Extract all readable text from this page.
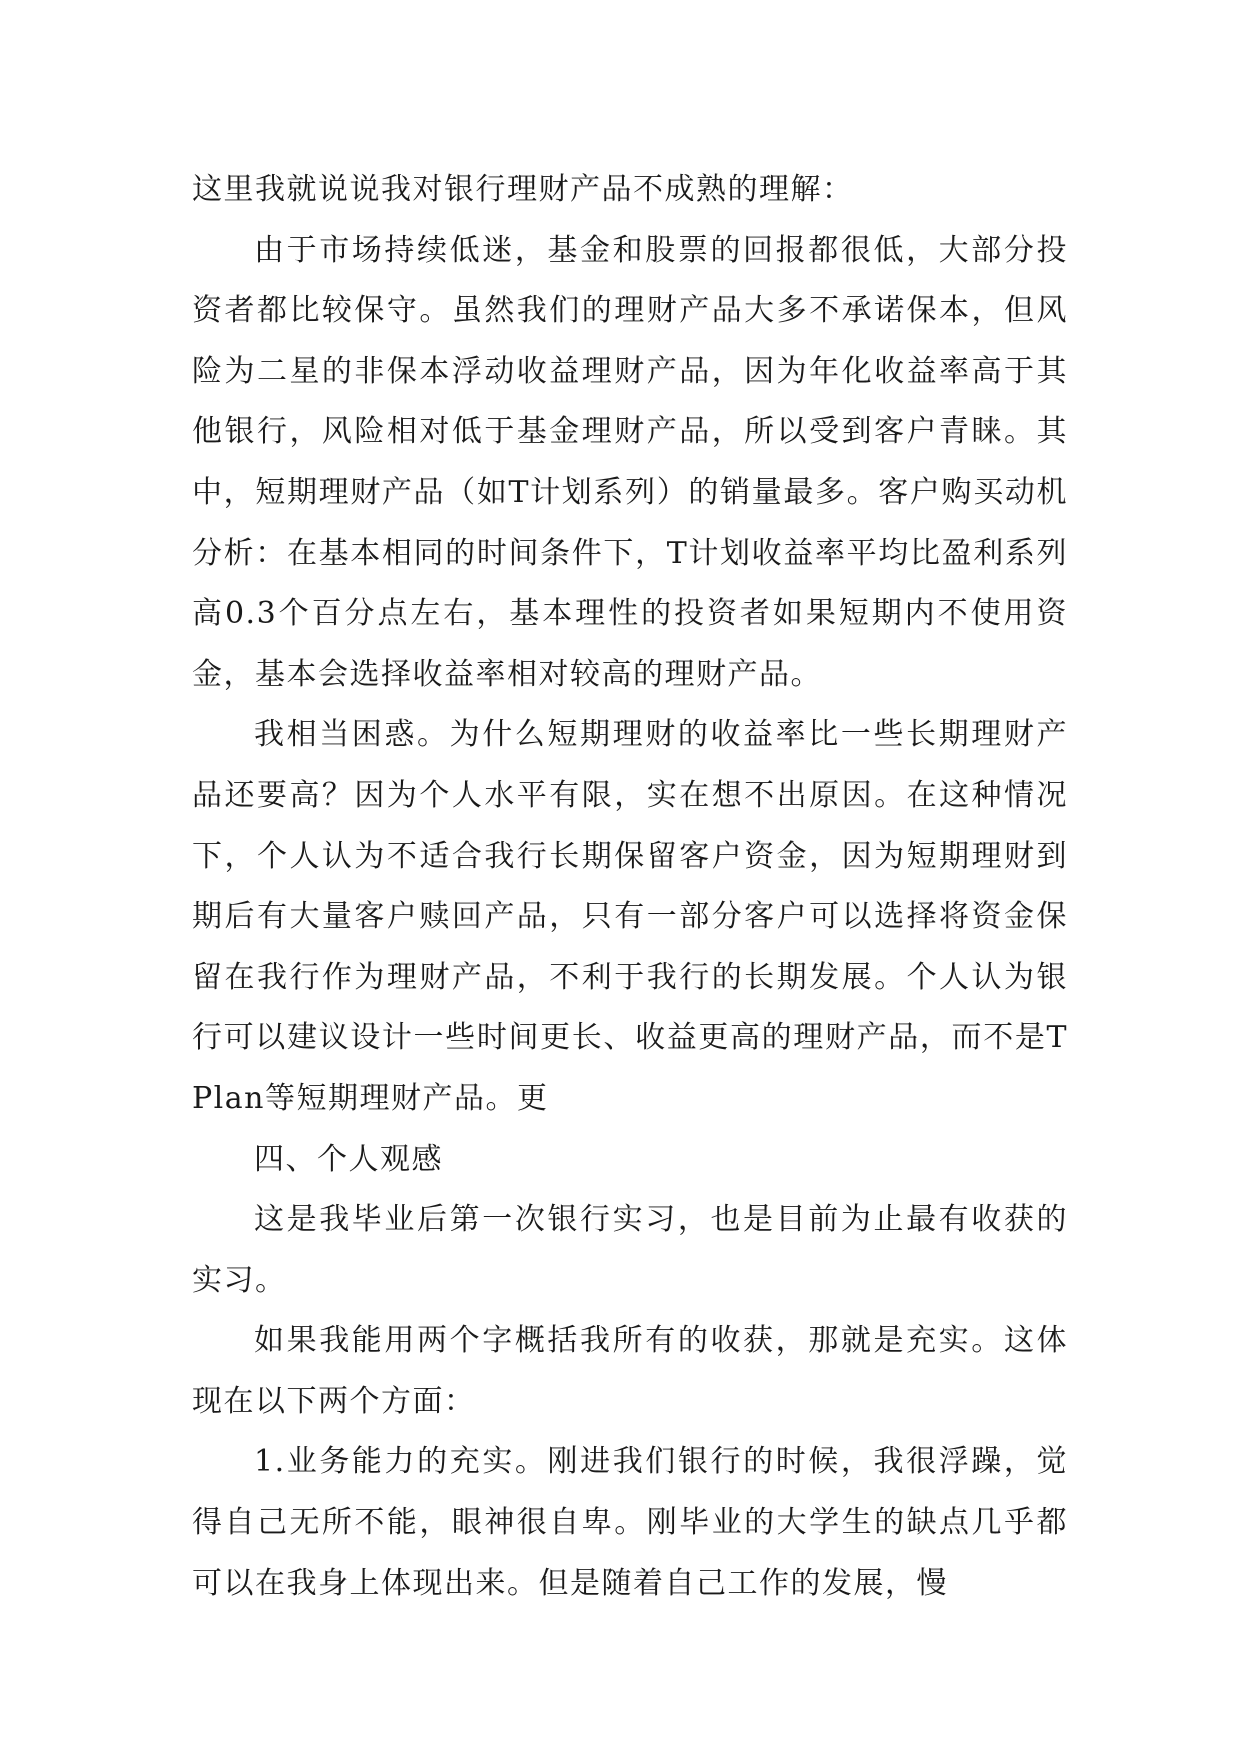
这里我就说说我对银行理财产品不成熟的理解：

由于市场持续低迷，基金和股票的回报都很低，大部分投资者都比较保守。虽然我们的理财产品大多不承诺保本，但风险为二星的非保本浮动收益理财产品，因为年化收益率高于其他银行，风险相对低于基金理财产品，所以受到客户青睐。其中，短期理财产品（如T计划系列）的销量最多。客户购买动机分析：在基本相同的时间条件下，T计划收益率平均比盈利系列高0.3个百分点左右，基本理性的投资者如果短期内不使用资金，基本会选择收益率相对较高的理财产品。

我相当困惑。为什么短期理财的收益率比一些长期理财产品还要高？因为个人水平有限，实在想不出原因。在这种情况下，个人认为不适合我行长期保留客户资金，因为短期理财到期后有大量客户赎回产品，只有一部分客户可以选择将资金保留在我行作为理财产品，不利于我行的长期发展。个人认为银行可以建议设计一些时间更长、收益更高的理财产品，而不是T Plan等短期理财产品。更

四、个人观感

这是我毕业后第一次银行实习，也是目前为止最有收获的实习。

如果我能用两个字概括我所有的收获，那就是充实。这体现在以下两个方面：

1.业务能力的充实。刚进我们银行的时候，我很浮躁，觉得自己无所不能，眼神很自卑。刚毕业的大学生的缺点几乎都可以在我身上体现出来。但是随着自己工作的发展，慢
